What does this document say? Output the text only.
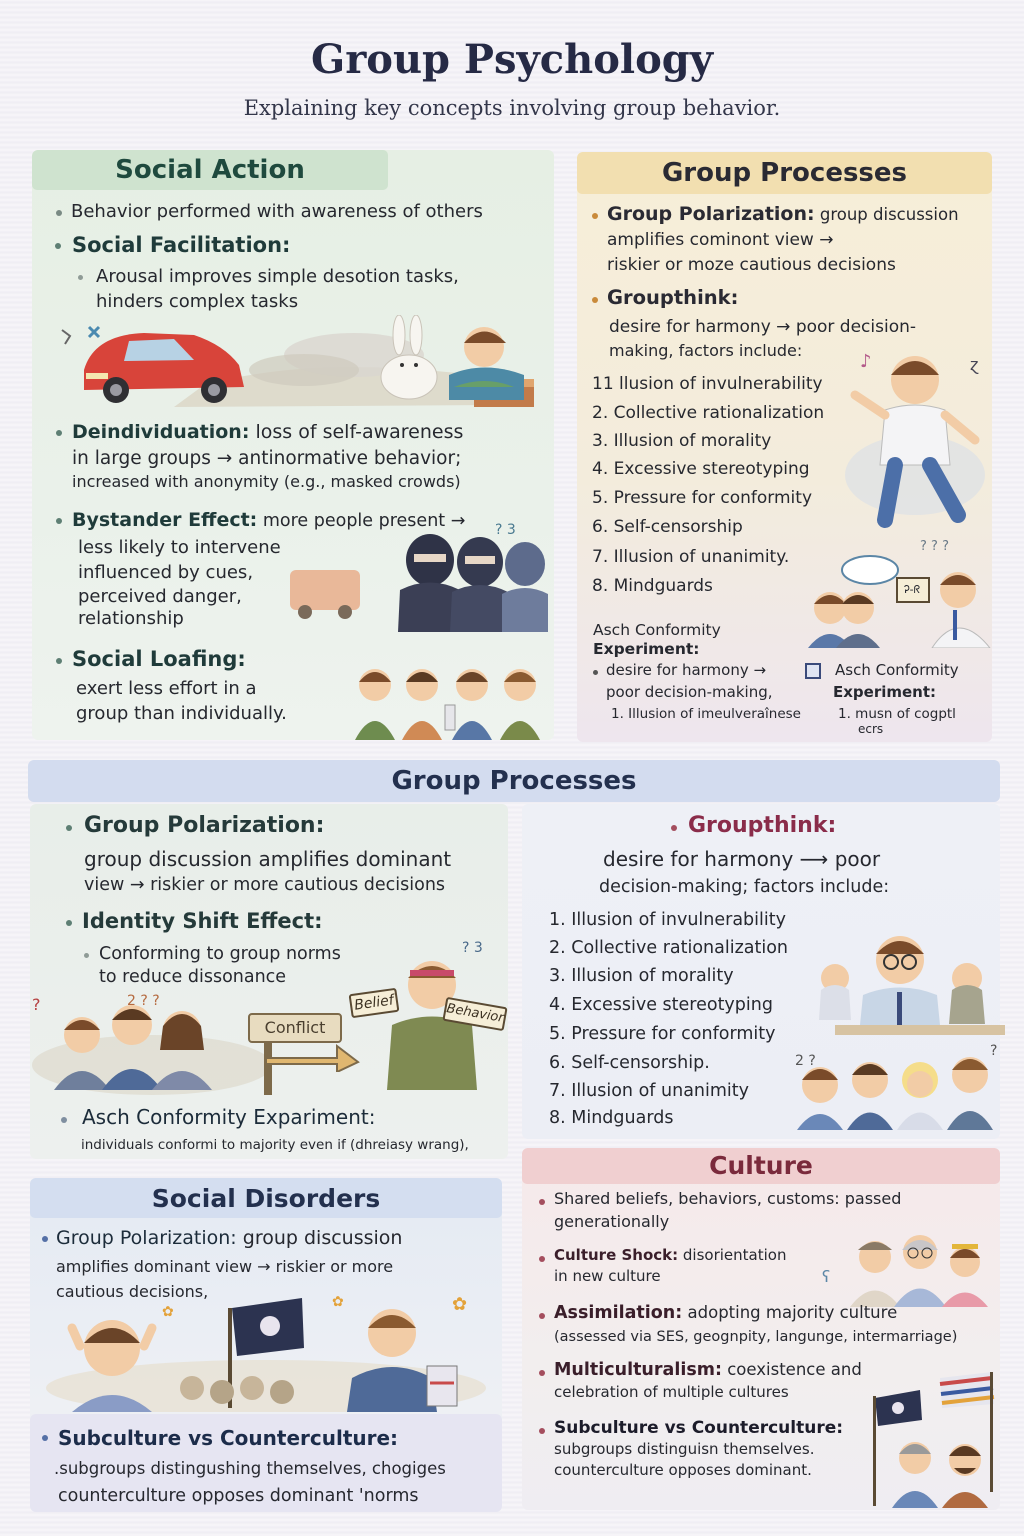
Group Psychology
Explaining key concepts involving group behavior.
Social Action
Behavior performed with awareness of others
Social Facilitation:
Arousal improves simple desotion tasks,
hinders complex tasks
Deindividuation: loss of self-awareness
in large groups → antinormative behavior;
increased with anonymity (e.g., masked crowds)
Bystander Effect: more people present →
less likely to intervene
influenced by cues,
perceived danger,
relationship
? 3
Social Loafing:
exert less effort in a
group than individually.
Group Processes
Group Polarization: group discussion
amplifies cominont view →
riskier or moze cautious decisions
Groupthink:
desire for harmony → poor decision-
making, factors include:
11 llusion of invulnerability
2. Collective rationalization
3. Illusion of morality
4. Excessive stereotyping
5. Pressure for conformity
6. Self-censorship
7. Illusion of unanimity.
8. Mindguards
♪	ɀ
? ? ?
Ꭾ-ᖇ
Asch Conformity
Experiment:
desire for harmony →
poor decision-making,
1. Illusion of imeulveraînese
Asch Conformity
Experiment:
1. musn of cogptl
ecrs
Group Processes
Group Polarization:
group discussion amplifies dominant
view → riskier or more cautious decisions
Identity Shift Effect:
Conforming to group norms
to reduce dissonance
?	2 ? ?
? 3
Conflict
Belief	Behavior
Asch Conformity Expariment:
individuals conformi to majority even if (dhreiasy wrang),
Groupthink:
desire for harmony ⟶ poor
decision-making; factors include:
1. Illusion of invulnerability
2. Collective rationalization
3. Illusion of morality
4. Excessive stereotyping
5. Pressure for conformity
6. Self-censorship.
7. Illusion of unanimity
8. Mindguards
2 ?
?
Social Disorders
Group Polarization: group discussion
amplifies dominant view → riskier or more
cautious decisions,
✿
✿
✿
Subculture vs Counterculture:
.subgroups distingushing themselves, chogiges
counterculture opposes dominant 'norms
Culture
Shared beliefs, behaviors, customs: passed
generationally
Culture Shock: disorientation
in new culture	ʕ
Assimilation: adopting majority culture
(assessed via SES, geognpity, langunge, intermarriage)
Multiculturalism: coexistence and
celebration of multiple cultures
Subculture vs Counterculture:
subgroups distinguisn themselves.
counterculture opposes dominant.
